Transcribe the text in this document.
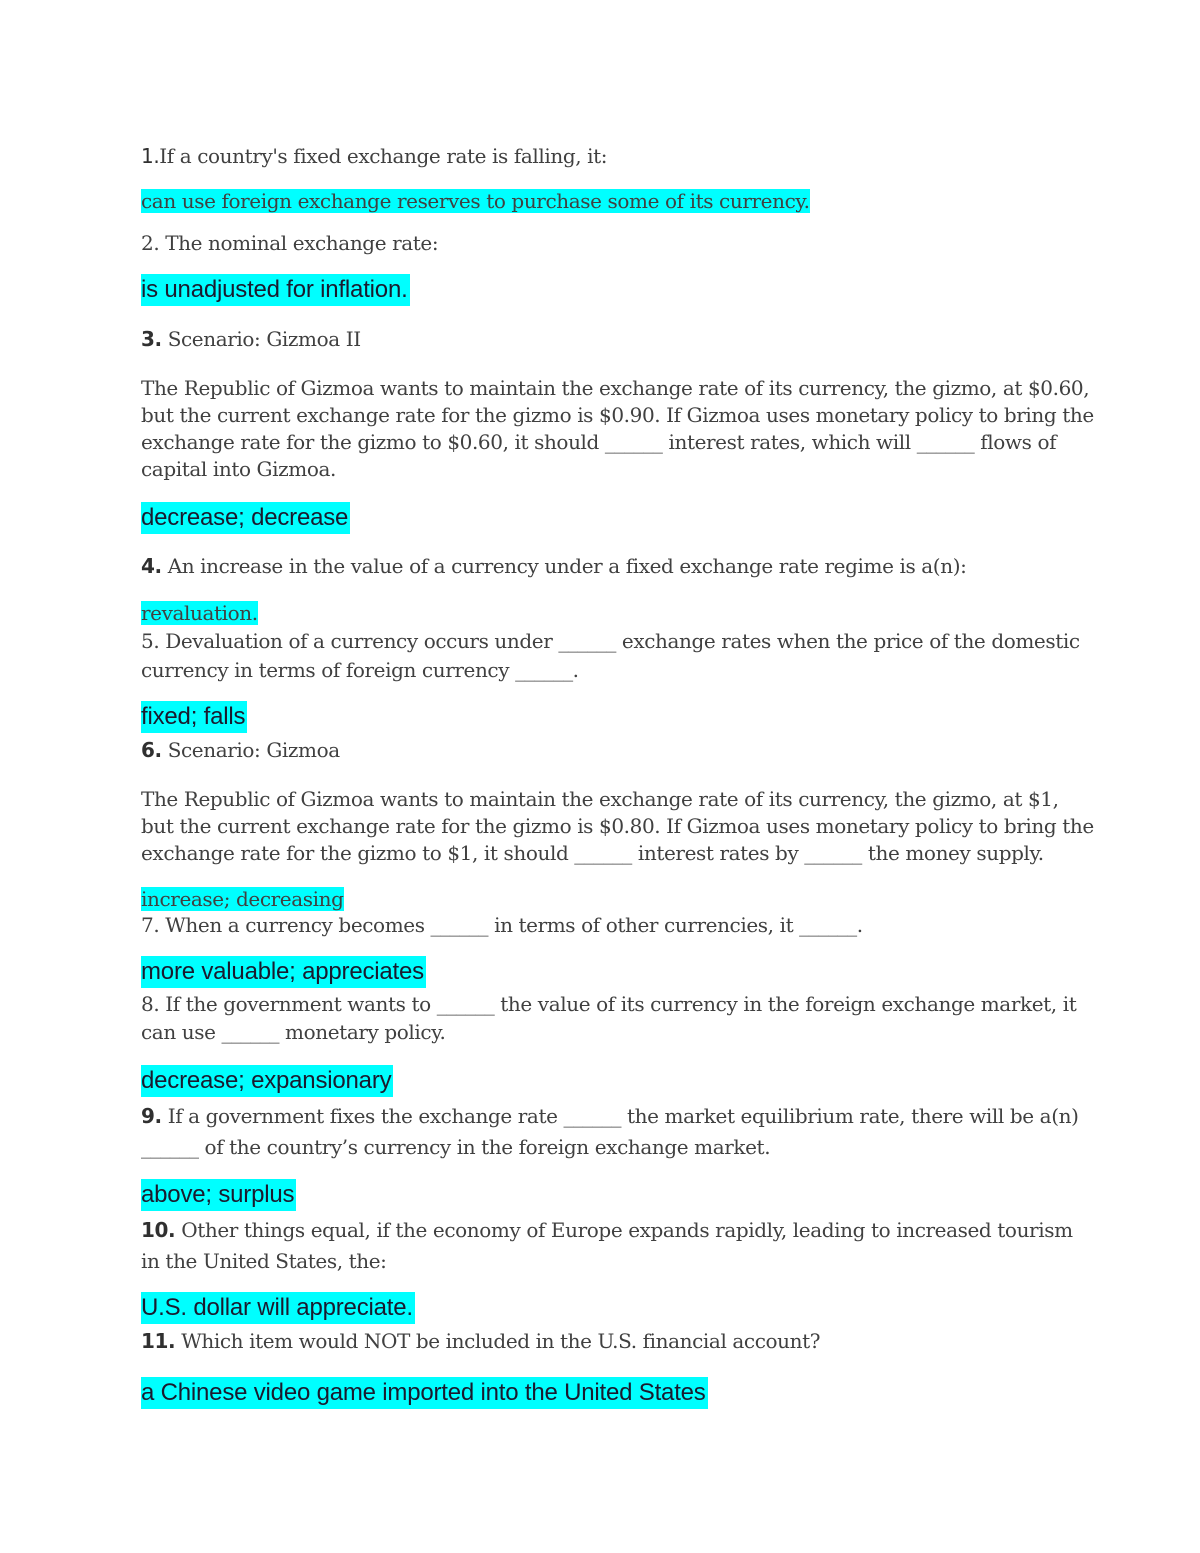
1.If a country's fixed exchange rate is falling, it:

can use foreign exchange reserves to purchase some of its currency.

2. The nominal exchange rate:

is unadjusted for inflation.

3. Scenario: Gizmoa II

The Republic of Gizmoa wants to maintain the exchange rate of its currency, the gizmo, at $0.60,
but the current exchange rate for the gizmo is $0.90. If Gizmoa uses monetary policy to bring the
exchange rate for the gizmo to $0.60, it should ______ interest rates, which will ______ flows of
capital into Gizmoa.

decrease; decrease

4. An increase in the value of a currency under a fixed exchange rate regime is a(n):

revaluation.

5. Devaluation of a currency occurs under ______ exchange rates when the price of the domestic
currency in terms of foreign currency ______.

fixed; falls

6. Scenario: Gizmoa

The Republic of Gizmoa wants to maintain the exchange rate of its currency, the gizmo, at $1,
but the current exchange rate for the gizmo is $0.80. If Gizmoa uses monetary policy to bring the
exchange rate for the gizmo to $1, it should ______ interest rates by ______ the money supply.

increase; decreasing

7. When a currency becomes ______ in terms of other currencies, it ______.

more valuable; appreciates

8. If the government wants to ______ the value of its currency in the foreign exchange market, it
can use ______ monetary policy.

decrease; expansionary

9. If a government fixes the exchange rate ______ the market equilibrium rate, there will be a(n)
______ of the country’s currency in the foreign exchange market.

above; surplus

10. Other things equal, if the economy of Europe expands rapidly, leading to increased tourism
in the United States, the:

U.S. dollar will appreciate.

11. Which item would NOT be included in the U.S. financial account?

a Chinese video game imported into the United States
